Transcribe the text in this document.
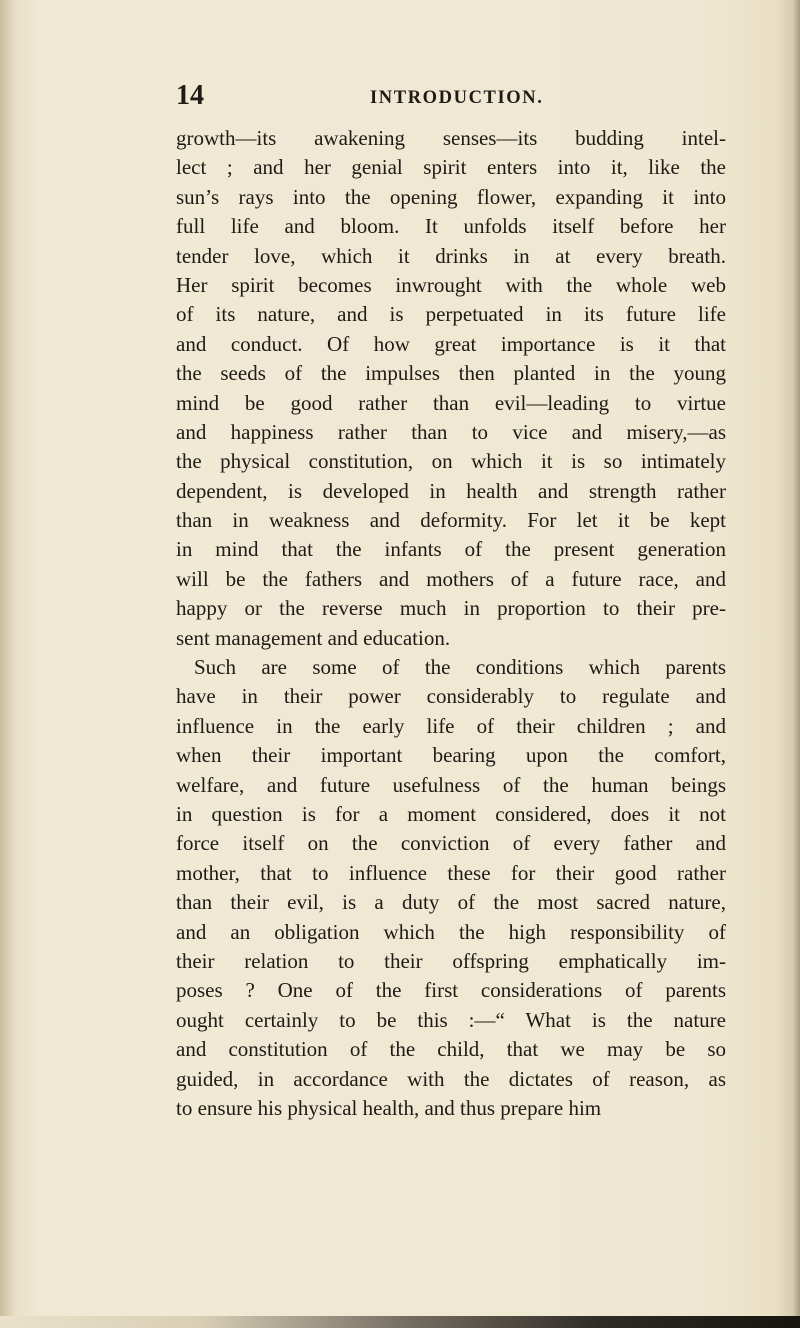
14	INTRODUCTION.
growth—its awakening senses—its budding intel-
lect ; and her genial spirit enters into it, like the
sun’s rays into the opening flower, expanding it into
full life and bloom. It unfolds itself before her
tender love, which it drinks in at every breath.
Her spirit becomes inwrought with the whole web
of its nature, and is perpetuated in its future life
and conduct. Of how great importance is it that
the seeds of the impulses then planted in the young
mind be good rather than evil—leading to virtue
and happiness rather than to vice and misery,—as
the physical constitution, on which it is so intimately
dependent, is developed in health and strength rather
than in weakness and deformity. For let it be kept
in mind that the infants of the present generation
will be the fathers and mothers of a future race, and
happy or the reverse much in proportion to their pre-
sent management and education.
Such are some of the conditions which parents
have in their power considerably to regulate and
influence in the early life of their children ; and
when their important bearing upon the comfort,
welfare, and future usefulness of the human beings
in question is for a moment considered, does it not
force itself on the conviction of every father and
mother, that to influence these for their good rather
than their evil, is a duty of the most sacred nature,
and an obligation which the high responsibility of
their relation to their offspring emphatically im-
poses ? One of the first considerations of parents
ought certainly to be this :—“ What is the nature
and constitution of the child, that we may be so
guided, in accordance with the dictates of reason, as
to ensure his physical health, and thus prepare him
